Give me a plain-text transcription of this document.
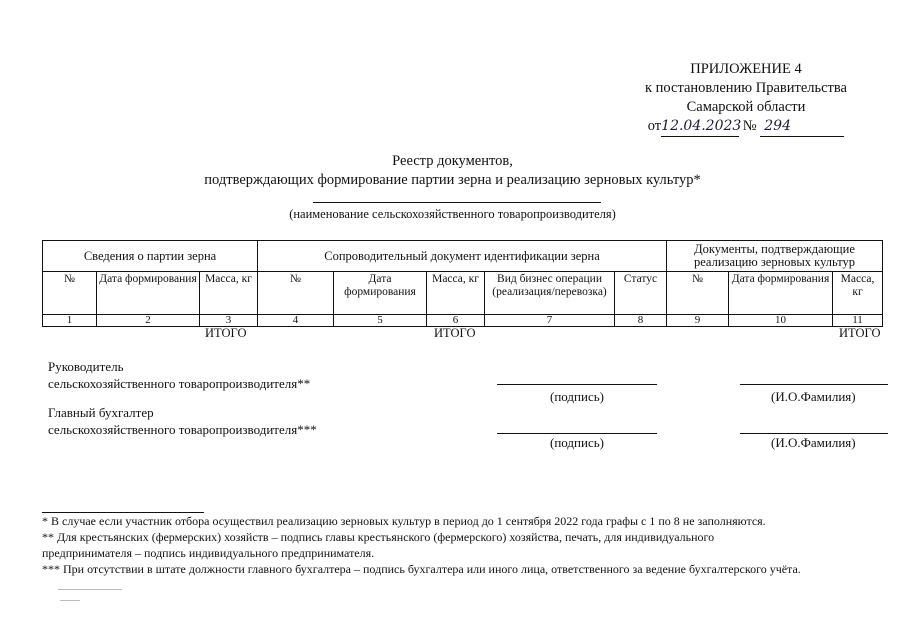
ПРИЛОЖЕНИЕ 4
к постановлению Правительства
Самарской области
от12.04.2023 № 294
Реестр документов,
подтверждающих формирование партии зерна и реализацию зерновых культур*
(наименование сельскохозяйственного товаропроизводителя)
Сведения о партии зерна			Сопроводительный документ идентификации зерна					Документы, подтверждающие реализацию зерновых культур		
№	Дата формирования	Масса, кг	№	Дата формирования	Масса, кг	Вид бизнес операции (реализация/перевозка)	Статус	№	Дата формирования	Масса, кг
1	2	3	4	5	6	7	8	9	10	11
ИТОГО	ИТОГО	ИТОГО
Руководитель
сельскохозяйственного товаропроизводителя**
(подпись)	(И.О.Фамилия)
Главный бухгалтер
сельскохозяйственного товаропроизводителя***
(подпись)	(И.О.Фамилия)
* В случае если участник отбора осуществил реализацию зерновых культур в период до 1 сентября 2022 года графы с 1 по 8 не заполняются.
** Для крестьянских (фермерских) хозяйств – подпись главы крестьянского (фермерского) хозяйства, печать, для индивидуального
предпринимателя – подпись индивидуального предпринимателя.
*** При отсутствии в штате должности главного бухгалтера – подпись бухгалтера или иного лица, ответственного за ведение бухгалтерского учёта.
